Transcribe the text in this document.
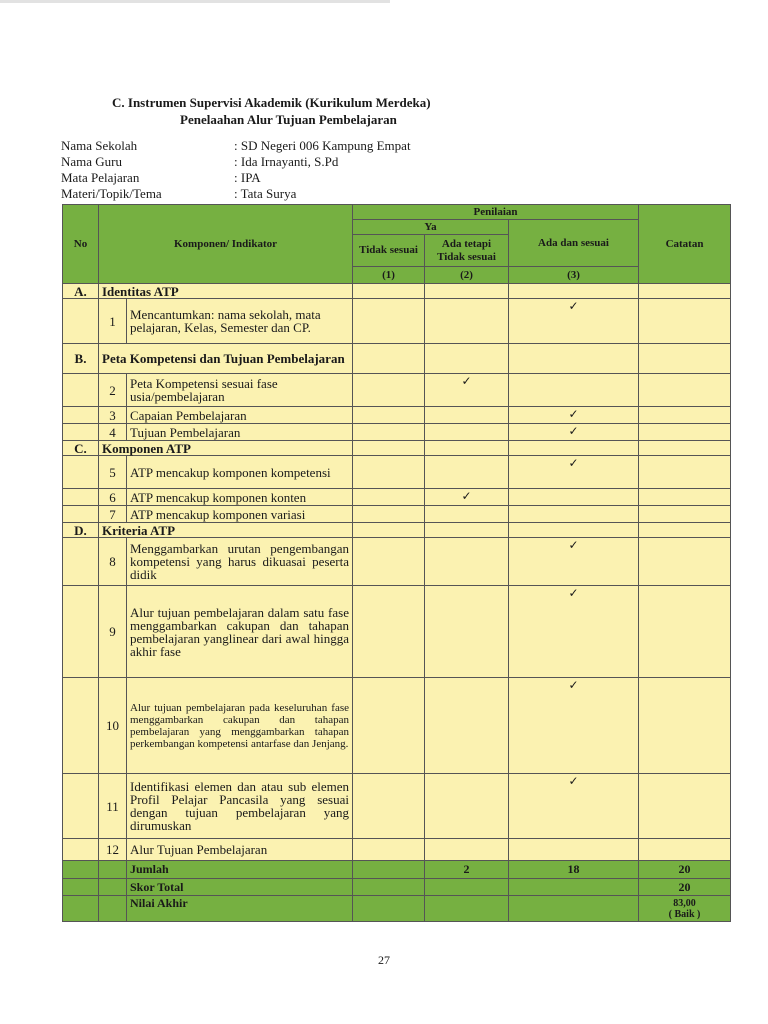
C. Instrumen Supervisi Akademik (Kurikulum Merdeka)
Penelaahan Alur Tujuan Pembelajaran
Nama Sekolah	: SD Negeri 006 Kampung Empat
Nama Guru	: Ida Irnayanti, S.Pd
Mata Pelajaran	: IPA
Materi/Topik/Tema	: Tata Surya
No	Komponen/ Indikator		Penilaian			Catatan
			Ya		Ada dan sesuai	
			Tidak sesuai	Ada tetapi Tidak sesuai		
			(1)	(2)	(3)	
A.	Identitas ATP					
	1	Mencantumkan: nama sekolah, mata pelajaran, Kelas, Semester dan CP.			✓	
B.	Peta Kompetensi dan Tujuan Pembelajaran					
	2	Peta Kompetensi sesuai fase usia/pembelajaran		✓		
	3	Capaian Pembelajaran			✓	
	4	Tujuan Pembelajaran			✓	
C.	Komponen ATP					
	5	ATP mencakup komponen kompetensi			✓	
	6	ATP mencakup komponen konten		✓		
	7	ATP mencakup komponen variasi				
D.	Kriteria ATP					
	8	Menggambarkan urutan pengembangan kompetensi yang harus dikuasai peserta didik			✓	
	9	Alur tujuan pembelajaran dalam satu fase menggambarkan cakupan dan tahapan pembelajaran yanglinear dari awal hingga akhir fase			✓	
	10	Alur tujuan pembelajaran pada keseluruhan fase menggambarkan cakupan dan tahapan pembelajaran yang menggambarkan tahapan perkembangan kompetensi antarfase dan Jenjang.			✓	
	11	Identifikasi elemen dan atau sub elemen Profil Pelajar Pancasila yang sesuai dengan tujuan pembelajaran yang dirumuskan			✓	
	12	Alur Tujuan Pembelajaran				
		Jumlah		2	18	20
		Skor Total				20
		Nilai Akhir				83,00
( Baik )
27
